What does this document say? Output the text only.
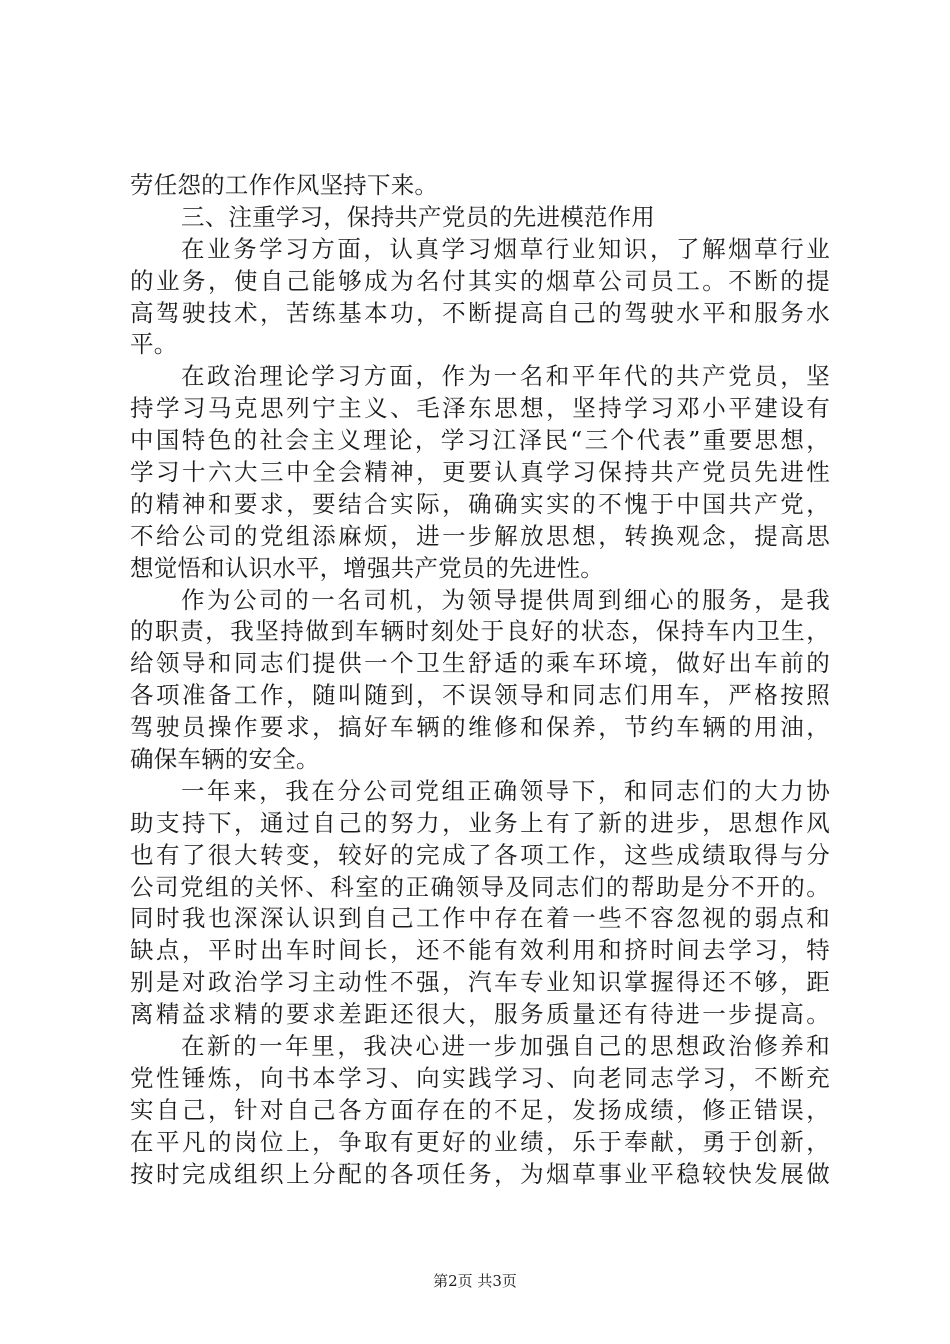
劳任怨的工作作风坚持下来。
三、注重学习，保持共产党员的先进模范作用
在业务学习方面，认真学习烟草行业知识，了解烟草行业
的业务，使自己能够成为名付其实的烟草公司员工。不断的提
高驾驶技术，苦练基本功，不断提高自己的驾驶水平和服务水
平。
在政治理论学习方面，作为一名和平年代的共产党员，坚
持学习马克思列宁主义、毛泽东思想，坚持学习邓小平建设有
中国特色的社会主义理论，学习江泽民“三个代表”重要思想，
学习十六大三中全会精神，更要认真学习保持共产党员先进性
的精神和要求，要结合实际，确确实实的不愧于中国共产党，
不给公司的党组添麻烦，进一步解放思想，转换观念，提高思
想觉悟和认识水平，增强共产党员的先进性。
作为公司的一名司机，为领导提供周到细心的服务，是我
的职责，我坚持做到车辆时刻处于良好的状态，保持车内卫生，
给领导和同志们提供一个卫生舒适的乘车环境，做好出车前的
各项准备工作，随叫随到，不误领导和同志们用车，严格按照
驾驶员操作要求，搞好车辆的维修和保养，节约车辆的用油，
确保车辆的安全。
一年来，我在分公司党组正确领导下，和同志们的大力协
助支持下，通过自己的努力，业务上有了新的进步，思想作风
也有了很大转变，较好的完成了各项工作，这些成绩取得与分
公司党组的关怀、科室的正确领导及同志们的帮助是分不开的。
同时我也深深认识到自己工作中存在着一些不容忽视的弱点和
缺点，平时出车时间长，还不能有效利用和挤时间去学习，特
别是对政治学习主动性不强，汽车专业知识掌握得还不够，距
离精益求精的要求差距还很大，服务质量还有待进一步提高。
在新的一年里，我决心进一步加强自己的思想政治修养和
党性锤炼，向书本学习、向实践学习、向老同志学习，不断充
实自己，针对自己各方面存在的不足，发扬成绩，修正错误，
在平凡的岗位上，争取有更好的业绩，乐于奉献，勇于创新，
按时完成组织上分配的各项任务，为烟草事业平稳较快发展做
第2页 共3页
